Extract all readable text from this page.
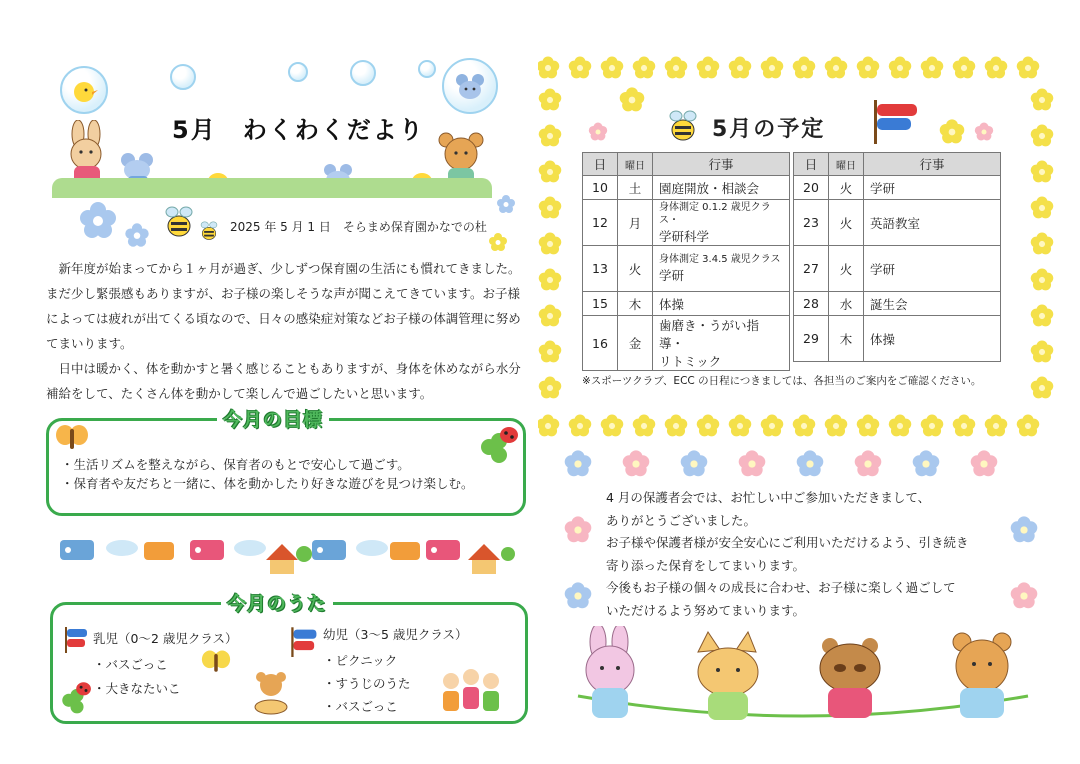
5月　わくわくだより
2025 年 5 月 1 日　そらまめ保育園かなでの杜

新年度が始まってから１ヶ月が過ぎ、少しずつ保育園の生活にも慣れてきました。まだ少し緊張感もありますが、お子様の楽しそうな声が聞こえてきています。お子様によっては疲れが出てくる頃なので、日々の感染症対策などお子様の体調管理に努めてまいります。

日中は暖かく、体を動かすと暑く感じることもありますが、身体を休めながら水分補給をして、たくさん体を動かして楽しんで過ごしたいと思います。

今月の目標
・生活リズムを整えながら、保育者のもとで安心して過ごす。
・保育者や友だちと一緒に、体を動かしたり好きな遊びを見つけ楽しむ。
今月のうた
乳児（0～2 歳児クラス）
・バスごっこ
・大きなたいこ
幼児（3～5 歳児クラス）
・ピクニック
・すうじのうた
・バスごっこ
5月の予定
日	曜日	行事
10	土	園庭開放・相談会
12	月	身体測定 0.1.2 歳児クラス・
学研科学
13	火	身体測定 3.4.5 歳児クラス
学研
15	木	体操
16	金	歯磨き・うがい指導・
リトミック
日	曜日	行事
20	火	学研
23	火	英語教室
27	火	学研
28	水	誕生会
29	木	体操
※スポーツクラブ、ECC の日程につきましては、各担当のご案内をご確認ください。
4 月の保護者会では、お忙しい中ご参加いただきまして、
ありがとうございました。
お子様や保護者様が安全安心にご利用いただけるよう、引き続き
寄り添った保育をしてまいります。
今後もお子様の個々の成長に合わせ、お子様に楽しく過ごして
いただけるよう努めてまいります。
